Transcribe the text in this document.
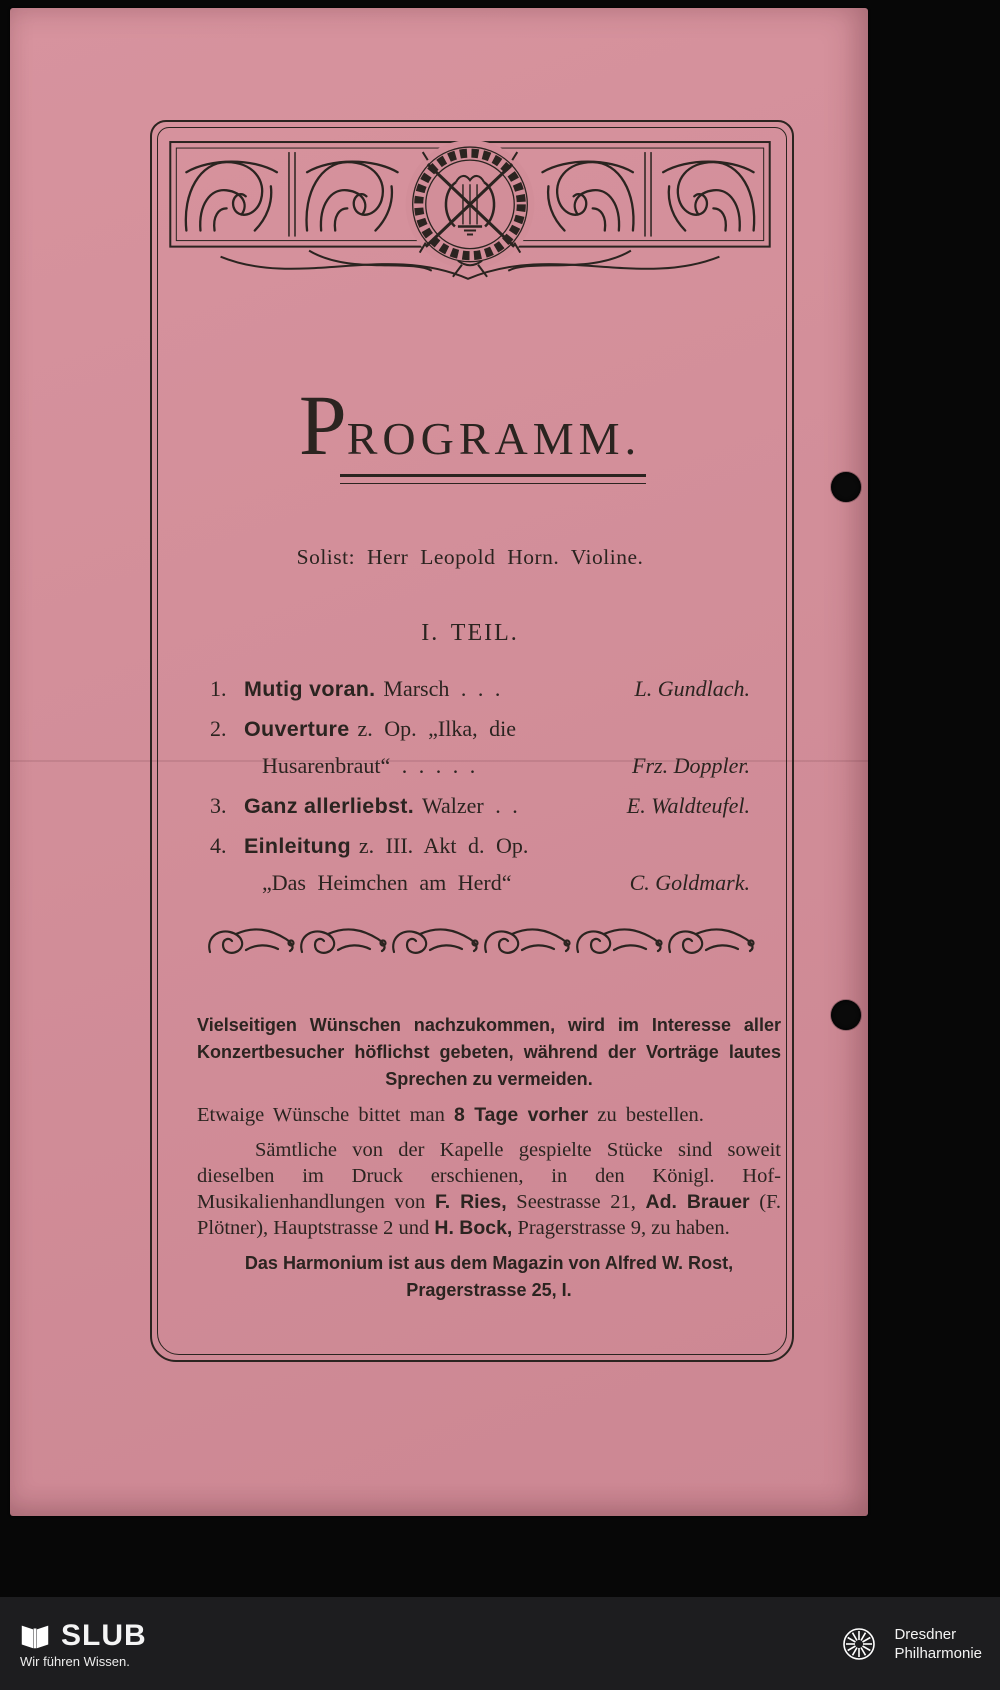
PROGRAMM.
Solist: Herr Leopold Horn. Violine.
I. TEIL.
1. Mutig voran.  Marsch . . .	L. Gundlach.
2. Ouverture  z. Op. „Ilka, die
Husarenbraut“ . . . . .	Frz. Doppler.
3. Ganz allerliebst.  Walzer . .	E. Waldteufel.
4. Einleitung  z. III. Akt d. Op.
„Das Heimchen am Herd“	C. Goldmark.

Vielseitigen Wünschen nachzukommen, wird im Interesse aller Konzertbesucher höflichst gebeten, während der Vorträge lautes Sprechen zu vermeiden.

Etwaige Wünsche bittet man 8 Tage vorher zu bestellen.

Sämtliche von der Kapelle gespielte Stücke sind soweit dieselben im Druck erschienen, in den Königl. Hof-Musikalienhandlungen von F. Ries, Seestrasse 21, Ad. Brauer (F. Plötner), Hauptstrasse 2 und H. Bock, Pragerstrasse 9, zu haben.

Das Harmonium ist aus dem Magazin von Alfred W. Rost,
Pragerstrasse 25, I.

SLUB
Wir führen Wissen.
Dresdner
Philharmonie
